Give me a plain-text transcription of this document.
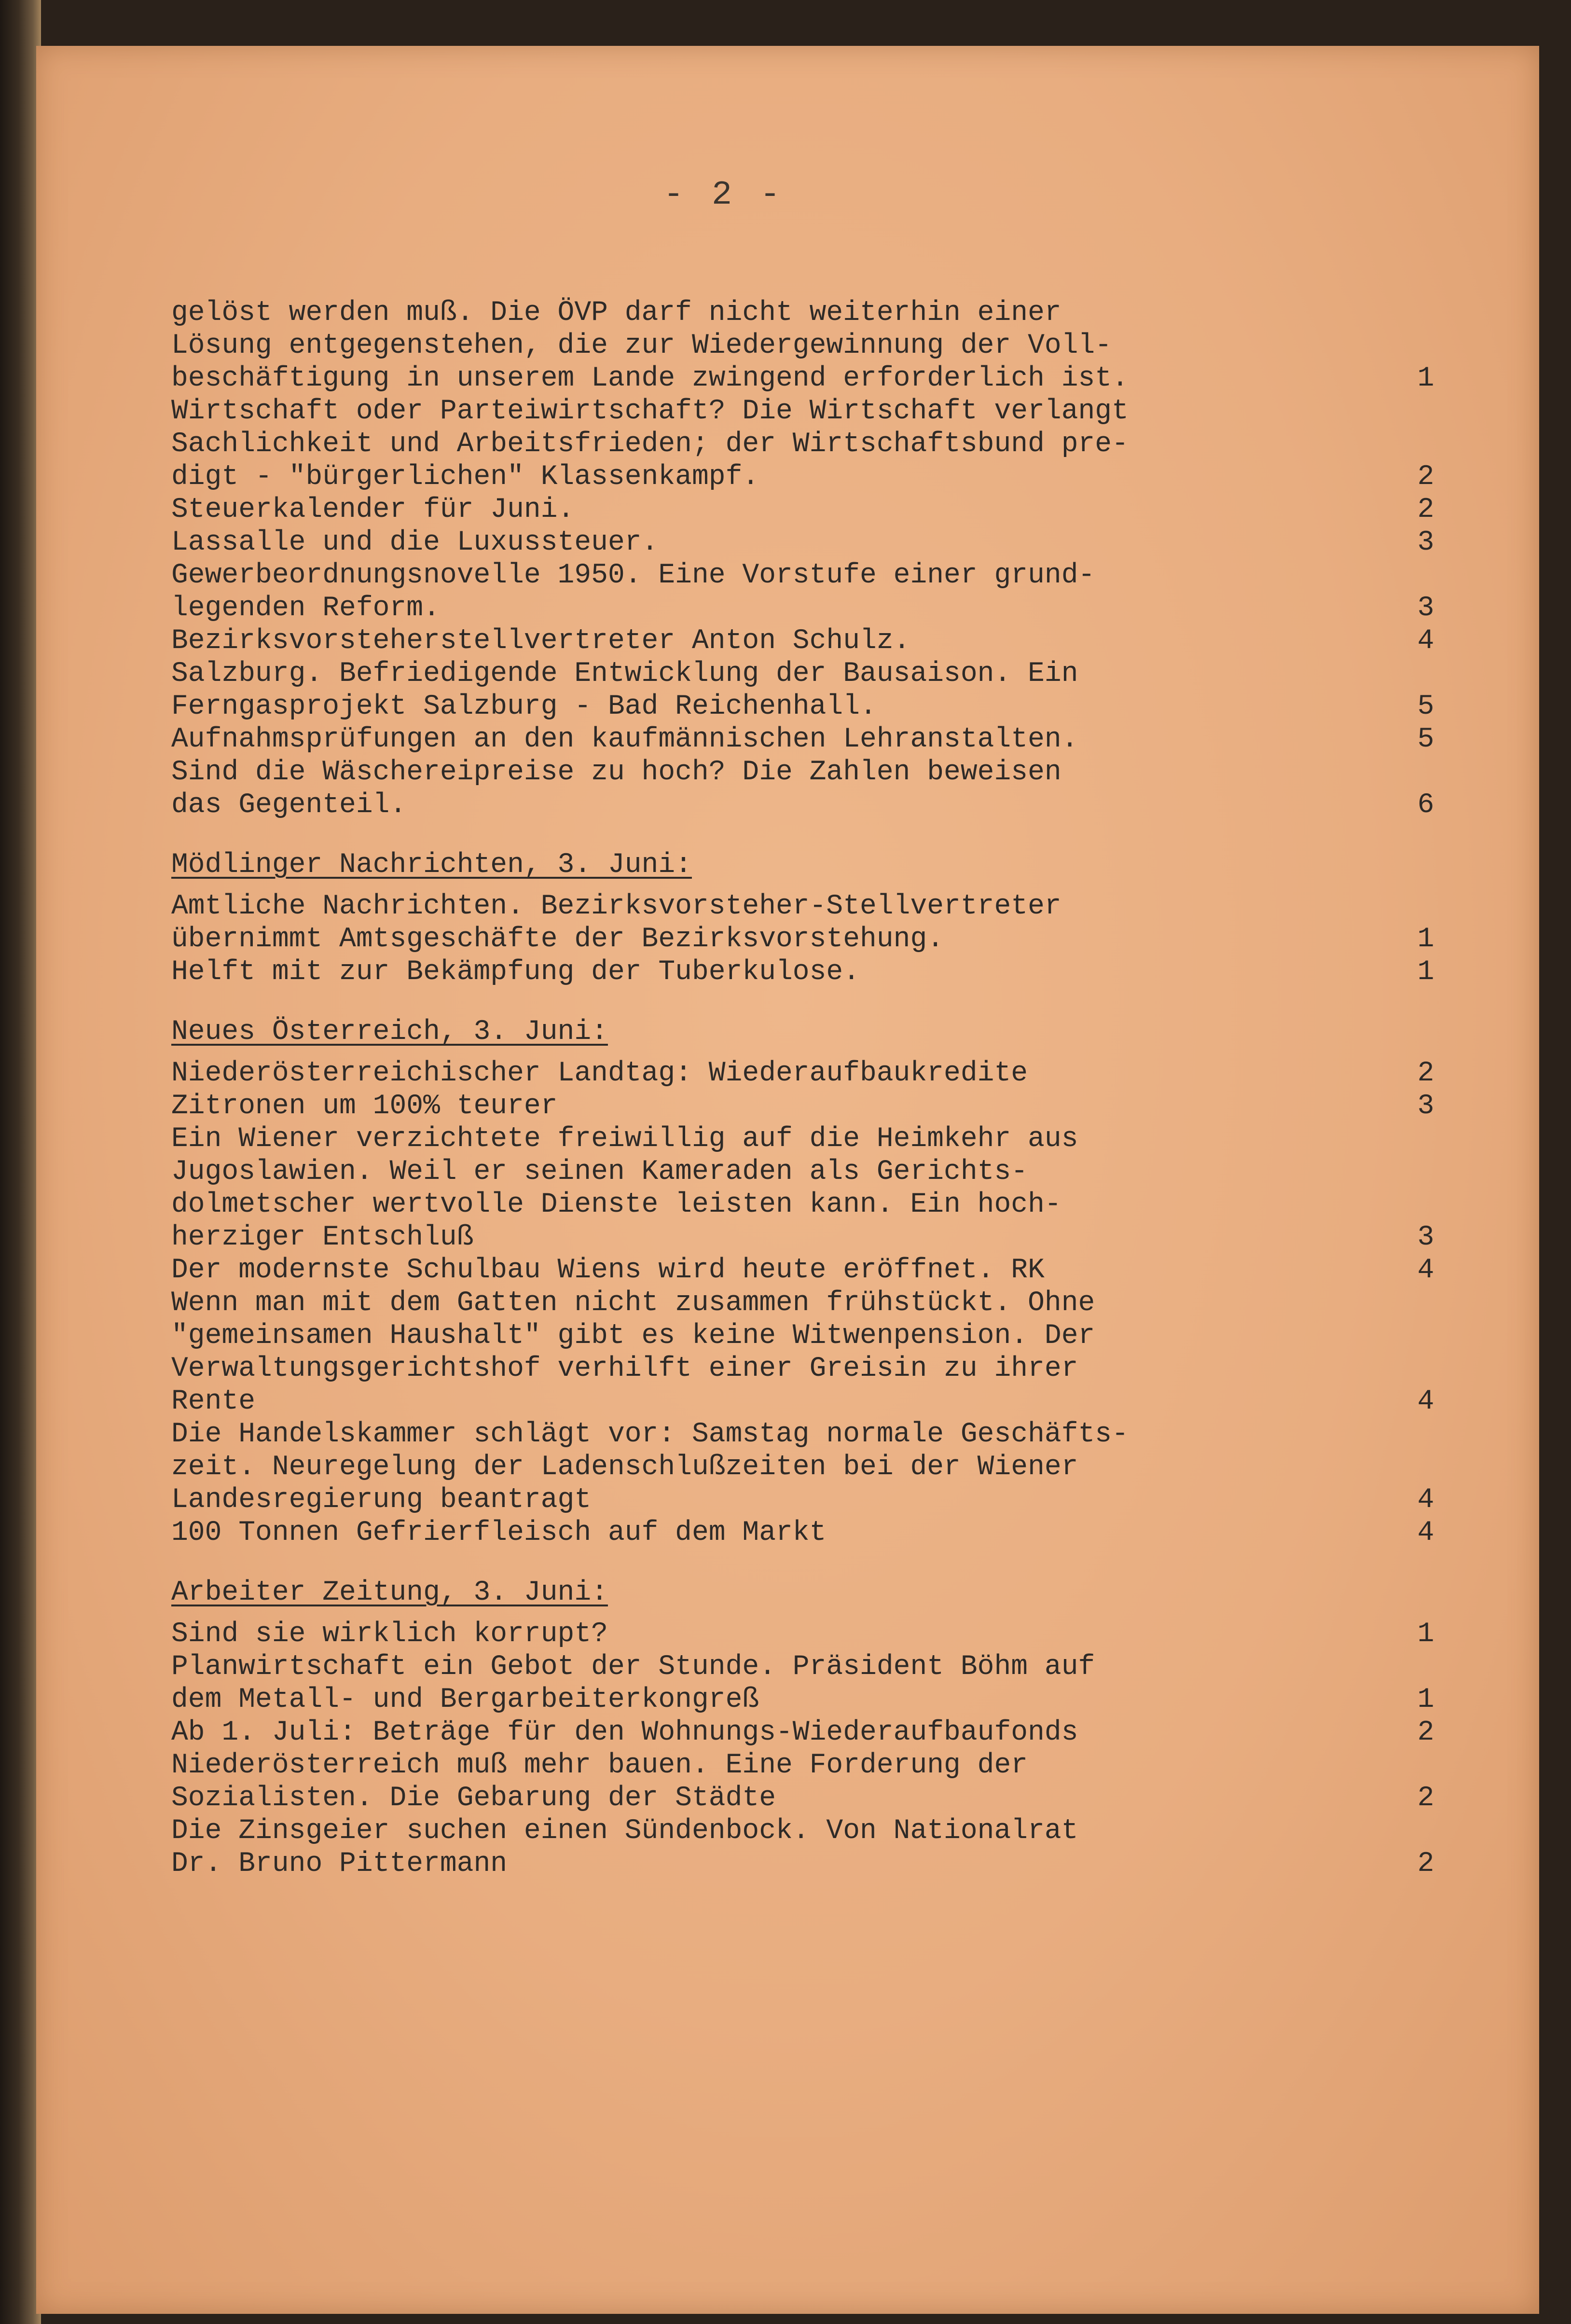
- 2 -
gelöst werden muß. Die ÖVP darf nicht weiterhin einer
Lösung entgegenstehen, die zur Wiedergewinnung der Voll-
beschäftigung in unserem Lande zwingend erforderlich ist.	1
Wirtschaft oder Parteiwirtschaft? Die Wirtschaft verlangt
Sachlichkeit und Arbeitsfrieden; der Wirtschaftsbund pre-
digt - "bürgerlichen" Klassenkampf.	2
Steuerkalender für Juni.	2
Lassalle und die Luxussteuer.	3
Gewerbeordnungsnovelle 1950. Eine Vorstufe einer grund-
legenden Reform.	3
Bezirksvorsteherstellvertreter Anton Schulz.	4
Salzburg. Befriedigende Entwicklung der Bausaison. Ein
Ferngasprojekt Salzburg - Bad Reichenhall.	5
Aufnahmsprüfungen an den kaufmännischen Lehranstalten.	5
Sind die Wäschereipreise zu hoch? Die Zahlen beweisen
das Gegenteil.	6
Mödlinger Nachrichten, 3. Juni:
Amtliche Nachrichten. Bezirksvorsteher-Stellvertreter
übernimmt Amtsgeschäfte der Bezirksvorstehung.	1
Helft mit zur Bekämpfung der Tuberkulose.	1
Neues Österreich, 3. Juni:
Niederösterreichischer Landtag: Wiederaufbaukredite	2
Zitronen um 100% teurer	3
Ein Wiener verzichtete freiwillig auf die Heimkehr aus
Jugoslawien. Weil er seinen Kameraden als Gerichts-
dolmetscher wertvolle Dienste leisten kann. Ein hoch-
herziger Entschluß	3
Der modernste Schulbau Wiens wird heute eröffnet. RK	4
Wenn man mit dem Gatten nicht zusammen frühstückt. Ohne
"gemeinsamen Haushalt" gibt es keine Witwenpension. Der
Verwaltungsgerichtshof verhilft einer Greisin zu ihrer
Rente	4
Die Handelskammer schlägt vor: Samstag normale Geschäfts-
zeit. Neuregelung der Ladenschlußzeiten bei der Wiener
Landesregierung beantragt	4
100 Tonnen Gefrierfleisch auf dem Markt	4
Arbeiter Zeitung, 3. Juni:
Sind sie wirklich korrupt?	1
Planwirtschaft ein Gebot der Stunde. Präsident Böhm auf
dem Metall- und Bergarbeiterkongreß	1
Ab 1. Juli: Beträge für den Wohnungs-Wiederaufbaufonds	2
Niederösterreich muß mehr bauen. Eine Forderung der
Sozialisten. Die Gebarung der Städte	2
Die Zinsgeier suchen einen Sündenbock. Von Nationalrat
Dr. Bruno Pittermann	2
